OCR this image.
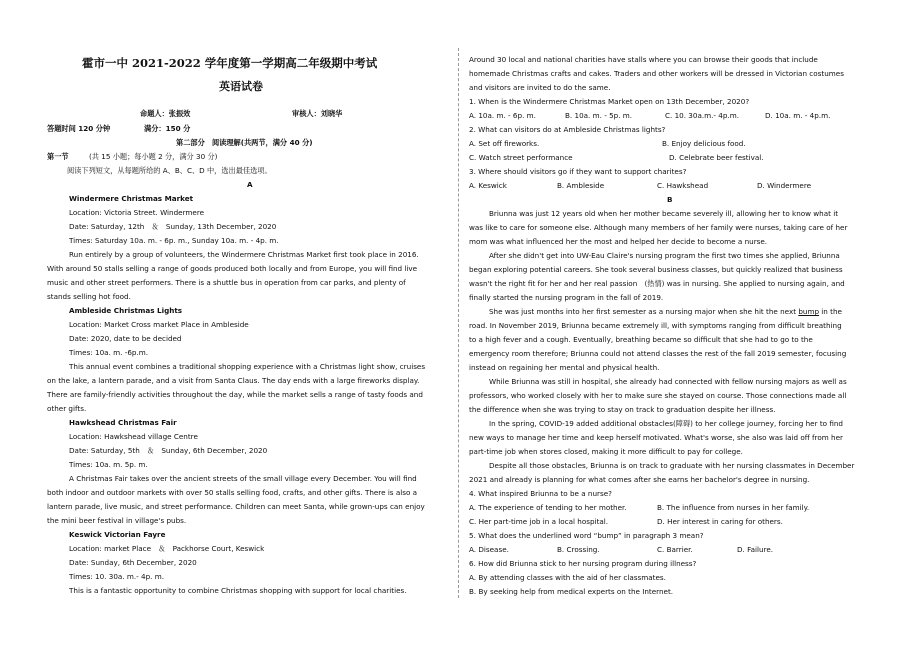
霍市一中 2021-2022 学年度第一学期高二年级期中考试
英语试卷
命题人：张振效	审核人：刘晓华
答题时间 120 分钟	满分：150 分
第二部分　阅读理解(共两节，满分 40 分)
第一节	(共 15 小题；每小题 2 分，满分 30 分)
阅读下列短文，从每题所给的 A、B、C、D 中，选出最佳选项。
A
Windermere Christmas Market
Location: Victoria Street. Windermere
Date: Saturday, 12th　＆　Sunday, 13th December, 2020
Times: Saturday 10a. m. - 6p. m., Sunday 10a. m. - 4p. m.
Run entirely by a group of volunteers, the Windermere Christmas Market first took place in 2016.
With around 50 stalls selling a range of goods produced both locally and from Europe, you will find live
music and other street performers. There is a shuttle bus in operation from car parks, and plenty of
stands selling hot food.
Ambleside Christmas Lights
Location: Market Cross market Place in Ambleside
Date: 2020, date to be decided
Times: 10a. m. -6p.m.
This annual event combines a traditional shopping experience with a Christmas light show, cruises
on the lake, a lantern parade, and a visit from Santa Claus. The day ends with a large fireworks display.
There are family-friendly activities throughout the day, while the market sells a range of tasty foods and
other gifts.
Hawkshead Christmas Fair
Location: Hawkshead village Centre
Date: Saturday, 5th　＆　Sunday, 6th December, 2020
Times: 10a. m. 5p. m.
A Christmas Fair takes over the ancient streets of the small village every December. You will find
both indoor and outdoor markets with over 50 stalls selling food, crafts, and other gifts. There is also a
lantern parade, live music, and street performance. Children can meet Santa, while grown-ups can enjoy
the mini beer festival in village's pubs.
Keswick Victorian Fayre
Location: market Place　＆　Packhorse Court, Keswick
Date: Sunday, 6th December, 2020
Times: 10. 30a. m.- 4p. m.
This is a fantastic opportunity to combine Christmas shopping with support for local charities.
Around 30 local and national charities have stalls where you can browse their goods that include
homemade Christmas crafts and cakes. Traders and other workers will be dressed in Victorian costumes
and visitors are invited to do the same.
1. When is the Windermere Christmas Market open on 13th December, 2020?
A. 10a. m. - 6p. m.	B. 10a. m. - 5p. m.	C. 10. 30a.m.- 4p.m.	D. 10a. m. - 4p.m.
2. What can visitors do at Ambleside Christmas lights?
A. Set off fireworks.	B. Enjoy delicious food.
C. Watch street performance	D. Celebrate beer festival.
3. Where should visitors go if they want to support charites?
A. Keswick	B. Ambleside	C. Hawkshead	D. Windermere
B
Briunna was just 12 years old when her mother became severely ill, allowing her to know what it
was like to care for someone else. Although many members of her family were nurses, taking care of her
mom was what influenced her the most and helped her decide to become a nurse.
After she didn't get into UW-Eau Claire's nursing program the first two times she applied, Briunna
began exploring potential careers. She took several business classes, but quickly realized that business
wasn't the right fit for her and her real passion　(热情) was in nursing. She applied to nursing again, and
finally started the nursing program in the fall of 2019.
She was just months into her first semester as a nursing major when she hit the next bump in the
road. In November 2019, Briunna became extremely ill, with symptoms ranging from difficult breathing
to a high fever and a cough. Eventually, breathing became so difficult that she had to go to the
emergency room therefore; Briunna could not attend classes the rest of the fall 2019 semester, focusing
instead on regaining her mental and physical health.
While Briunna was still in hospital, she already had connected with fellow nursing majors as well as
professors, who worked closely with her to make sure she stayed on course. Those connections made all
the difference when she was trying to stay on track to graduation despite her illness.
In the spring, COVID-19 added additional obstacles(障碍) to her college journey, forcing her to find
new ways to manage her time and keep herself motivated. What's worse, she also was laid off from her
part-time job when stores closed, making it more difficult to pay for college.
Despite all those obstacles, Briunna is on track to graduate with her nursing classmates in December
2021 and already is planning for what comes after she earns her bachelor's degree in nursing.
4. What inspired Briunna to be a nurse?
A. The experience of tending to her mother.	B. The influence from nurses in her family.
C. Her part-time job in a local hospital.	D. Her interest in caring for others.
5. What does the underlined word “bump” in paragraph 3 mean?
A. Disease.	B. Crossing.	C. Barrier.	D. Failure.
6. How did Briunna stick to her nursing program during illness?
A. By attending classes with the aid of her classmates.
B. By seeking help from medical experts on the Internet.
